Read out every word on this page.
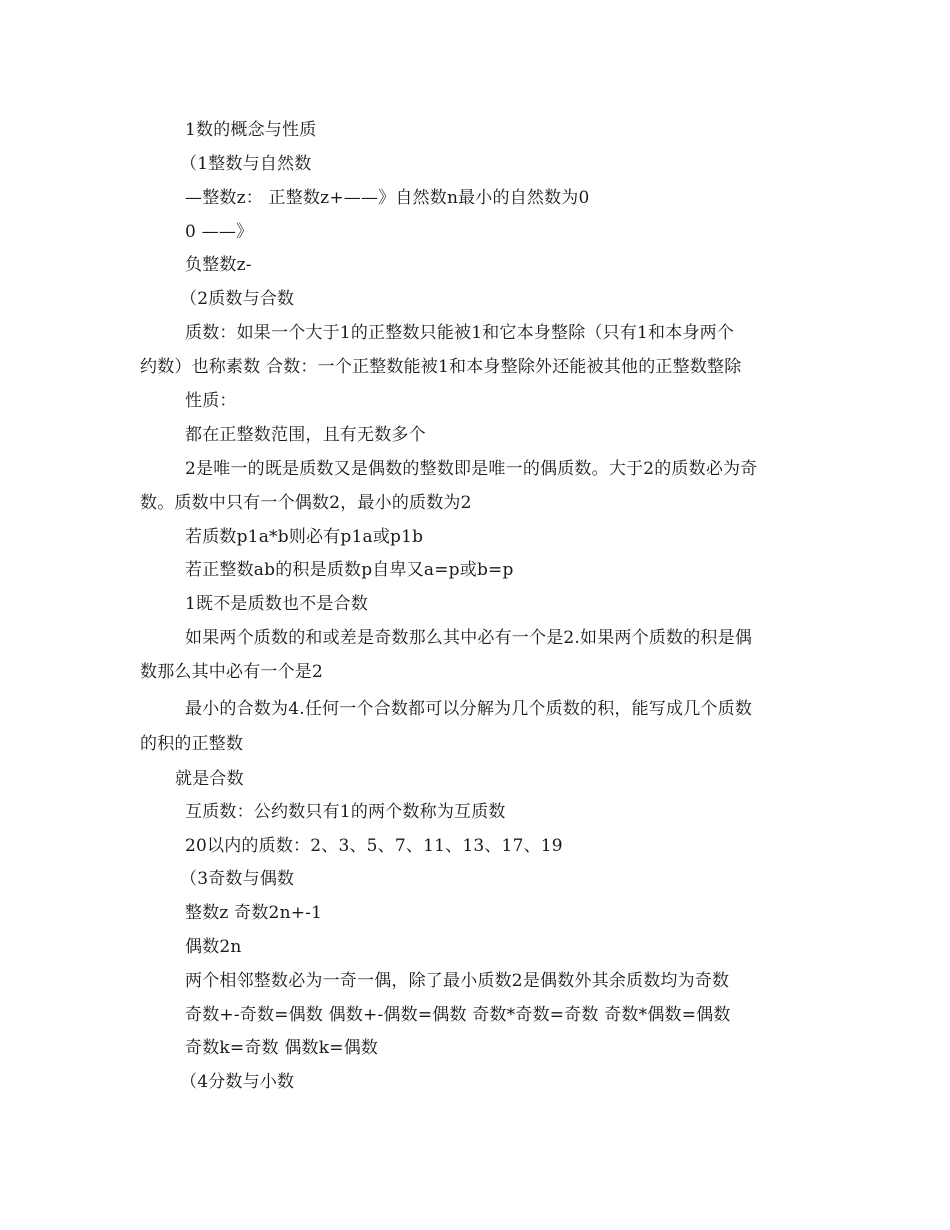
1数的概念与性质
（1整数与自然数
—整数z： 正整数z+——》自然数n最小的自然数为0
0 ——》
负整数z-
（2质数与合数
质数：如果一个大于1的正整数只能被1和它本身整除（只有1和本身两个
约数）也称素数 合数：一个正整数能被1和本身整除外还能被其他的正整数整除
性质：
都在正整数范围，且有无数多个
2是唯一的既是质数又是偶数的整数即是唯一的偶质数。大于2的质数必为奇
数。质数中只有一个偶数2，最小的质数为2
若质数p1a*b则必有p1a或p1b
若正整数ab的积是质数p自卑又a=p或b=p
1既不是质数也不是合数
如果两个质数的和或差是奇数那么其中必有一个是2.如果两个质数的积是偶
数那么其中必有一个是2
最小的合数为4.任何一个合数都可以分解为几个质数的积，能写成几个质数
的积的正整数
就是合数
互质数：公约数只有1的两个数称为互质数
20以内的质数：2、3、5、7、11、13、17、19
（3奇数与偶数
整数z 奇数2n+-1
偶数2n
两个相邻整数必为一奇一偶，除了最小质数2是偶数外其余质数均为奇数
奇数+-奇数=偶数 偶数+-偶数=偶数 奇数*奇数=奇数 奇数*偶数=偶数
奇数k=奇数 偶数k=偶数
（4分数与小数
